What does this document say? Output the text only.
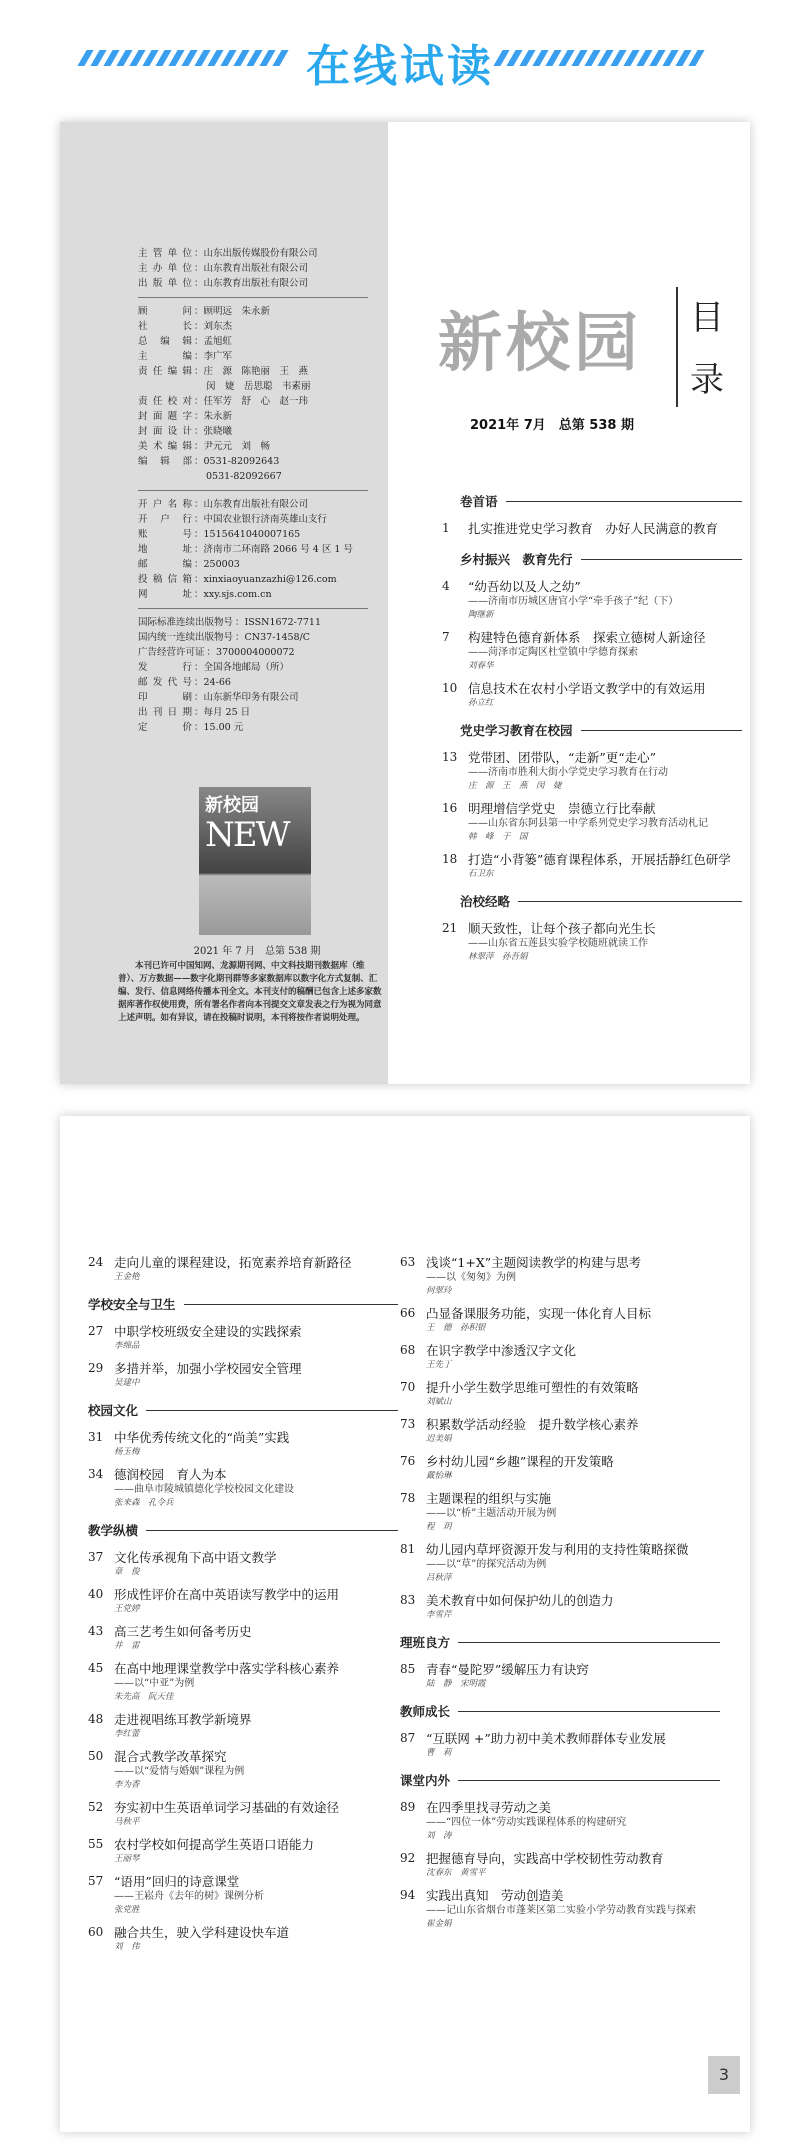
在线试读
主管单位 ：山东出版传媒股份有限公司
主办单位 ：山东教育出版社有限公司
出版单位 ：山东教育出版社有限公司
顾问 ：顾明远　朱永新
社长 ：刘东杰
总编辑 ：孟旭虹
主编 ：李广军
责任编辑 ：庄　源　陈艳丽　王　燕
闵　婕　岳思聪　韦素丽
责任校对 ：任军芳　舒　心　赵一玮
封面题字 ：朱永新
封面设计 ：张晓曦
美术编辑 ：尹元元　刘　畅
编辑部 ：0531-82092643
0531-82092667
开户名称 ：山东教育出版社有限公司
开户行 ：中国农业银行济南英雄山支行
账号 ：15156410400071​65
地址 ：济南市二环南路 2066 号 4 区 1 号
邮编 ：250003
投稿信箱 ：xinxiaoyuanzazhi@126.com
网址 ：xxy.sjs.com.cn
国际标准连续出版物号 ：ISSN1672-7711
国内统一连续出版物号 ：CN37-1458/C
广告经营许可证 ：3700004000072
发行 ：全国各地邮局（所）
邮发代号 ：24-66
印刷 ：山东新华印务有限公司
出刊日期 ：每月 25 日
定价 ：15.00 元
新校园
NEW
2021 年 7 月　总第 538 期
本刊已许可中国知网、龙源期刊网、中文科技期刊数据库（维普）、万方数据——数字化期刊群等多家数据库以数字化方式复制、汇编、发行、信息网络传播本刊全文。本刊支付的稿酬已包含上述多家数据库著作权使用费，所有署名作者向本刊提交文章发表之行为视为同意上述声明。如有异议，请在投稿时说明，本刊将按作者说明处理。
新校园 目
录
2021年 7月　总第 538 期
卷首语
1 扎实推进党史学习教育　办好人民满意的教育
乡村振兴　教育先行
4 “幼吾幼以及人之幼”
——济南市历城区唐官小学“牵手孩子”纪（下）
陶继新
7 构建特色德育新体系　探索立德树人新途径
——菏泽市定陶区杜堂镇中学德育探索
刘春华
10 信息技术在农村小学语文教学中的有效运用
孙立红
党史学习教育在校园
13 党带团、团带队，“走新”更“走心”
——济南市胜利大街小学党史学习教育在行动
庄　源　王　燕　闵　婕
16 明理增信学党史　崇德立行比奉献
——山东省东阿县第一中学系列党史学习教育活动札记
韩　峰　于　国
18 打造“小背篓”德育课程体系，开展括静红色研学
石卫东
治校经略
21 顺天致性，让每个孩子都向光生长
——山东省五莲县实验学校随班就读工作
林翠萍　孙吾娟
24 走向儿童的课程建设，拓宽素养培育新路径
王金艳
学校安全与卫生
27 中职学校班级安全建设的实践探索
李绵品
29 多措并举，加强小学校园安全管理
吴建中
校园文化
31 中华优秀传统文化的“尚美”实践
杨玉梅
34 德润校园　育人为本
——曲阜市陵城镇德化学校校园文化建设
张来森　孔令兵
教学纵横
37 文化传承视角下高中语文教学
章　俊
40 形成性评价在高中英语读写教学中的运用
王党婷
43 高三艺考生如何备考历史
井　雷
45 在高中地理课堂教学中落实学科核心素养
——以“中亚”为例
朱先高　阮天佳
48 走进视唱练耳教学新境界
李红蕾
50 混合式教学改革探究
——以“爱情与婚姻”课程为例
李为香
52 夯实初中生英语单词学习基础的有效途径
马秋平
55 农村学校如何提高学生英语口语能力
王丽琴
57 “语用”回归的诗意课堂
——王崧舟《去年的树》课例分析
张党胜
60 融合共生，驶入学科建设快车道
刘　伟
63 浅谈“1+X”主题阅读教学的构建与思考
——以《匆匆》为例
何翠玲
66 凸显备课服务功能，实现一体化育人目标
王　德　孙积银
68 在识字教学中渗透汉字文化
王先丁
70 提升小学生数学思维可塑性的有效策略
刘斌山
73 积累数学活动经验　提升数学核心素养
迟美娟
76 乡村幼儿园“乡趣”课程的开发策略
戴怡琳
78 主题课程的组织与实施
——以“桥”主题活动开展为例
程　玥
81 幼儿园内草坪资源开发与利用的支持性策略探微
——以“草”的探究活动为例
吕秋萍
83 美术教育中如何保护幼儿的创造力
李雪芹
理班良方
85 青春“曼陀罗”缓解压力有诀窍
陆　静　宋明霞
教师成长
87 “互联网 +”助力初中美术教师群体专业发展
曹　莉
课堂内外
89 在四季里找寻劳动之美
——“四位一体”劳动实践课程体系的构建研究
刘　涛
92 把握德育导向，实践高中学校韧性劳动教育
沈春东　黄雪平
94 实践出真知　劳动创造美
——记山东省烟台市蓬莱区第二实验小学劳动教育实践与探索
崔金娟
3
